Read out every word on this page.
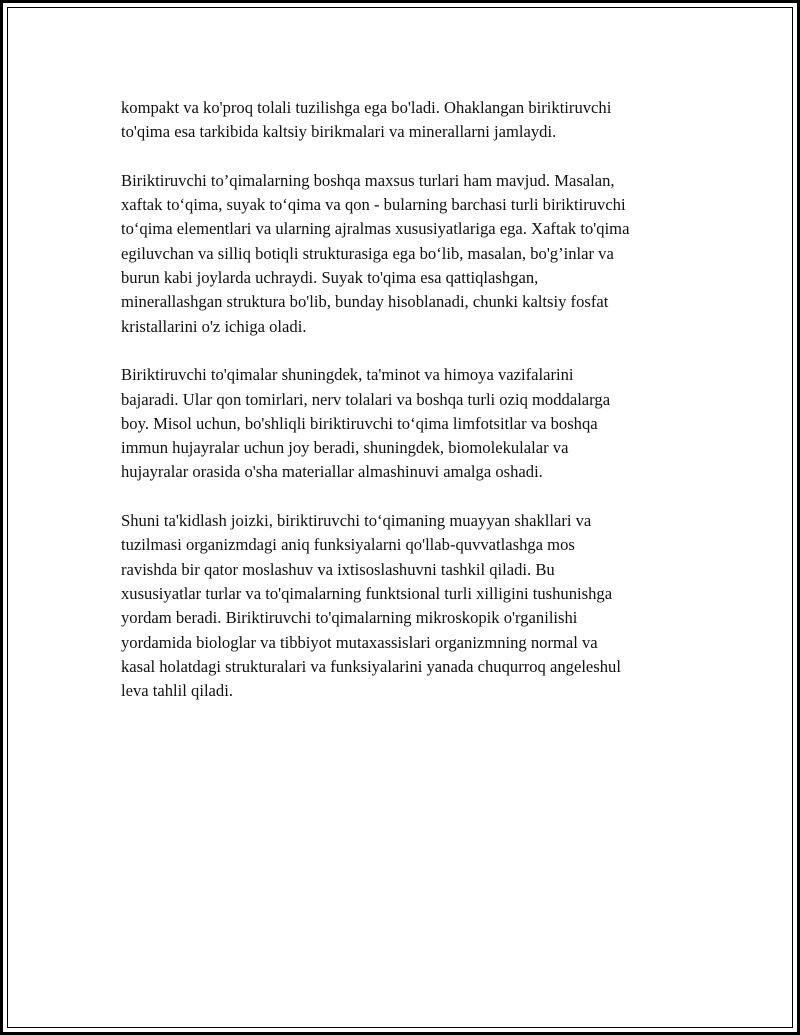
kompakt va ko'proq tolali tuzilishga ega bo'ladi. Ohaklangan biriktiruvchi
to'qima esa tarkibida kaltsiy birikmalari va minerallarni jamlaydi.

Biriktiruvchi to’qimalarning boshqa maxsus turlari ham mavjud. Masalan,
xaftak to‘qima, suyak to‘qima va qon - bularning barchasi turli biriktiruvchi
to‘qima elementlari va ularning ajralmas xususiyatlariga ega. Xaftak to'qima
egiluvchan va silliq botiqli strukturasiga ega bo‘lib, masalan, bo'g’inlar va
burun kabi joylarda uchraydi. Suyak to'qima esa qattiqlashgan,
minerallashgan struktura bo'lib, bunday hisoblanadi, chunki kaltsiy fosfat
kristallarini o'z ichiga oladi.

Biriktiruvchi to'qimalar shuningdek, ta'minot va himoya vazifalarini
bajaradi. Ular qon tomirlari, nerv tolalari va boshqa turli oziq moddalarga
boy. Misol uchun, bo'shliqli biriktiruvchi to‘qima limfotsitlar va boshqa
immun hujayralar uchun joy beradi, shuningdek, biomolekulalar va
hujayralar orasida o'sha materiallar almashinuvi amalga oshadi.

Shuni ta'kidlash joizki, biriktiruvchi to‘qimaning muayyan shakllari va
tuzilmasi organizmdagi aniq funksiyalarni qo'llab-quvvatlashga mos
ravishda bir qator moslashuv va ixtisoslashuvni tashkil qiladi. Bu
xususiyatlar turlar va to'qimalarning funktsional turli xilligini tushunishga
yordam beradi. Biriktiruvchi to'qimalarning mikroskopik o'rganilishi
yordamida biologlar va tibbiyot mutaxassislari organizmning normal va
kasal holatdagi strukturalari va funksiyalarini yanada chuqurroq angeleshul
leva tahlil qiladi.
